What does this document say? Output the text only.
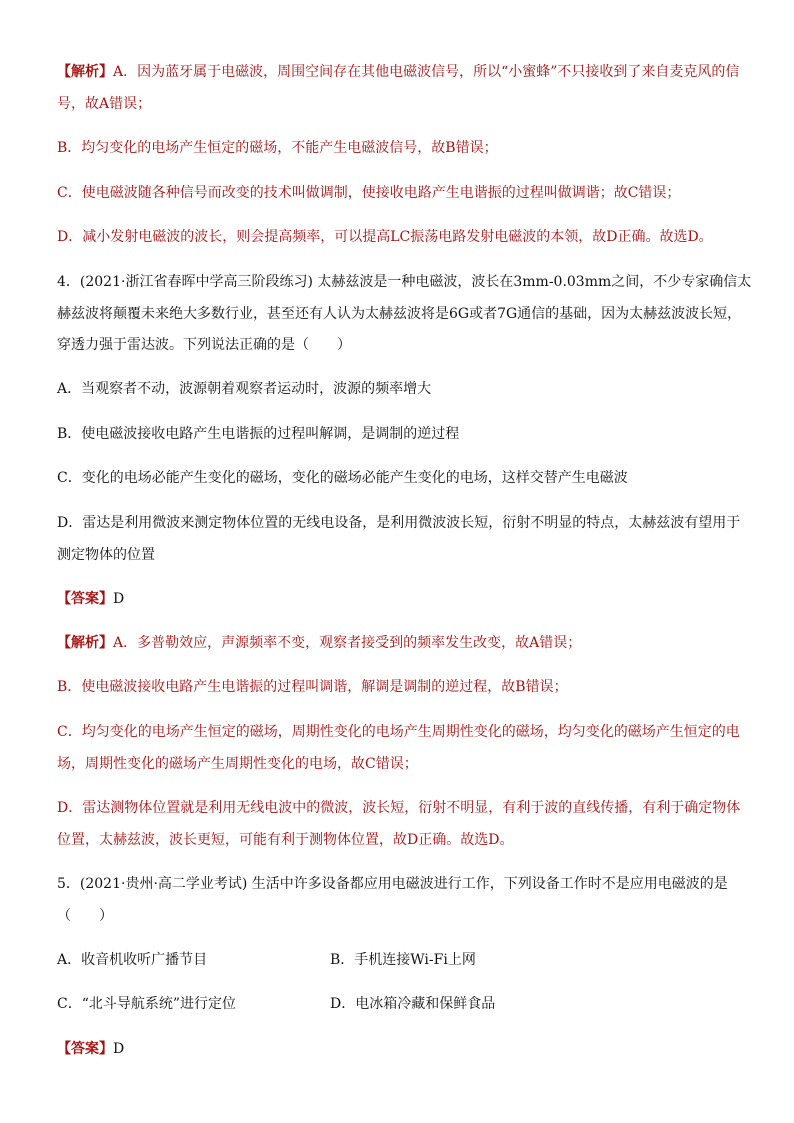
【解析】A．因为蓝牙属于电磁波，周围空间存在其他电磁波信号，所以“小蜜蜂”不只接收到了来自麦克风的信
号，故A错误；
B．均匀变化的电场产生恒定的磁场，不能产生电磁波信号，故B错误；
C．使电磁波随各种信号而改变的技术叫做调制，使接收电路产生电谐振的过程叫做调谐；故C错误；
D．减小发射电磁波的波长，则会提高频率，可以提高LC振荡电路发射电磁波的本领，故D正确。故选D。
4．(2021·浙江省春晖中学高三阶段练习) 太赫兹波是一种电磁波，波长在3mm-0.03mm之间，不少专家确信太
赫兹波将颠覆未来绝大多数行业，甚至还有人认为太赫兹波将是6G或者7G通信的基础，因为太赫兹波波长短，
穿透力强于雷达波。下列说法正确的是（　　）
A．当观察者不动，波源朝着观察者运动时，波源的频率增大
B．使电磁波接收电路产生电谐振的过程叫解调，是调制的逆过程
C．变化的电场必能产生变化的磁场，变化的磁场必能产生变化的电场，这样交替产生电磁波
D．雷达是利用微波来测定物体位置的无线电设备，是利用微波波长短，衍射不明显的特点，太赫兹波有望用于
测定物体的位置
【答案】D
【解析】A．多普勒效应，声源频率不变，观察者接受到的频率发生改变，故A错误；
B．使电磁波接收电路产生电谐振的过程叫调谐，解调是调制的逆过程，故B错误；
C．均匀变化的电场产生恒定的磁场，周期性变化的电场产生周期性变化的磁场，均匀变化的磁场产生恒定的电
场，周期性变化的磁场产生周期性变化的电场，故C错误；
D．雷达测物体位置就是利用无线电波中的微波，波长短，衍射不明显，有利于波的直线传播，有利于确定物体
位置，太赫兹波，波长更短，可能有利于测物体位置，故D正确。故选D。
5．(2021·贵州·高二学业考试) 生活中许多设备都应用电磁波进行工作，下列设备工作时不是应用电磁波的是
（　　）
A．收音机收听广播节目	B．手机连接Wi-Fi上网
C．“北斗导航系统”进行定位	D．电冰箱冷藏和保鲜食品
【答案】D
